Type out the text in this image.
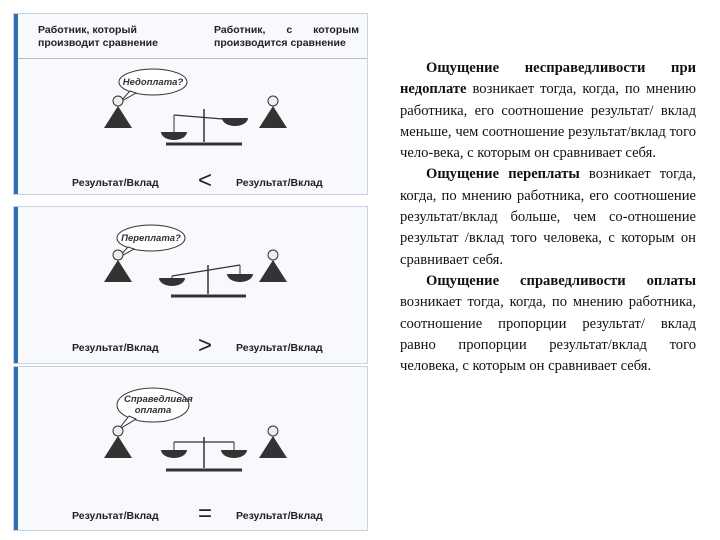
Работник, который производит сравнение
Работник, с которым производится сравнение
Недоплата?
Результат/Вклад < Результат/Вклад
Переплата?
Результат/Вклад > Результат/Вклад
Справедливая оплата
Результат/Вклад = Результат/Вклад

Ощущение несправедливости при недоплате возникает тогда, когда, по мнению работника, его соотношение результат/ вклад меньше, чем соотношение результат/вклад того чело-века, с которым он сравнивает себя.

Ощущение переплаты возникает тогда, когда, по мнению работника, его соотношение результат/вклад больше, чем со-отношение результат /вклад того человека, с которым он сравнивает себя.

Ощущение справедливости оплаты возникает тогда, когда, по мнению работника, соотношение пропорции результат/ вклад равно пропорции результат/вклад того человека, с которым он сравнивает себя.
